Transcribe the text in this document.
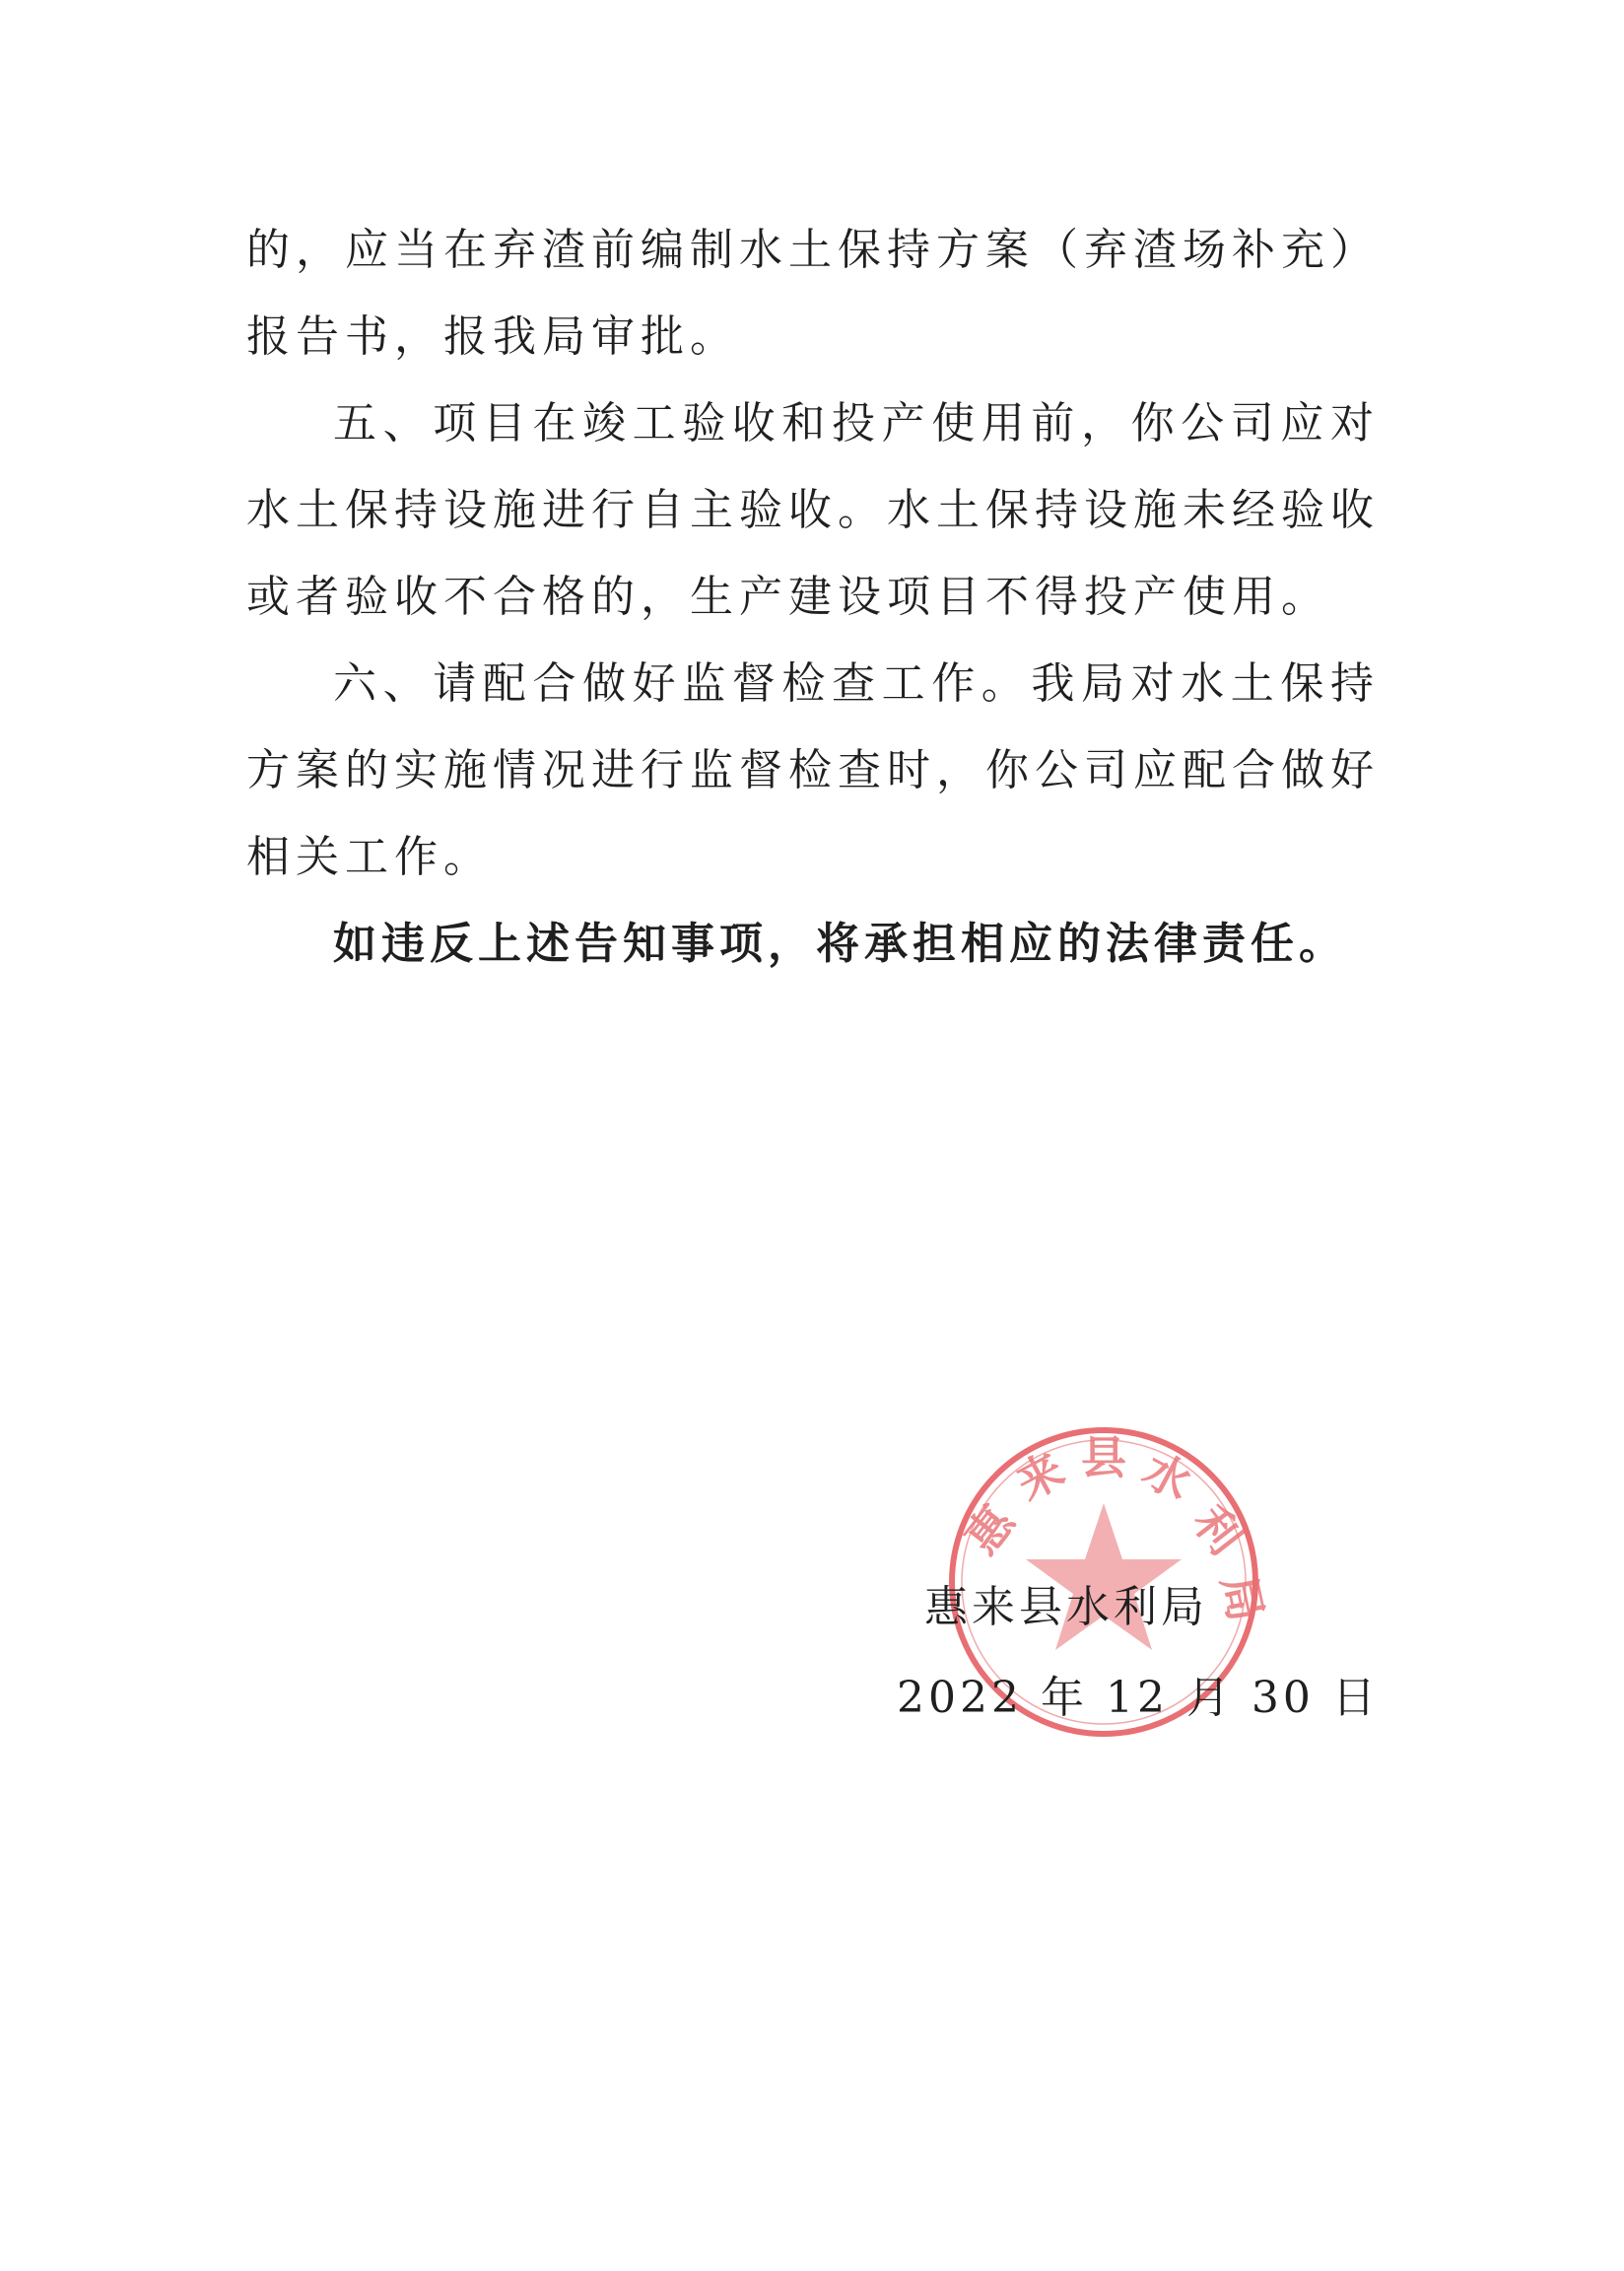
的，应当在弃渣前编制水土保持方案（弃渣场补充）报告书，报我局审批。

五、项目在竣工验收和投产使用前，你公司应对水土保持设施进行自主验收。水土保持设施未经验收或者验收不合格的，生产建设项目不得投产使用。

六、请配合做好监督检查工作。我局对水土保持方案的实施情况进行监督检查时，你公司应配合做好相关工作。

如违反上述告知事项，将承担相应的法律责任。

惠
来 县 水
利
局
惠来县水利局
2022 年 12 月 30 日
